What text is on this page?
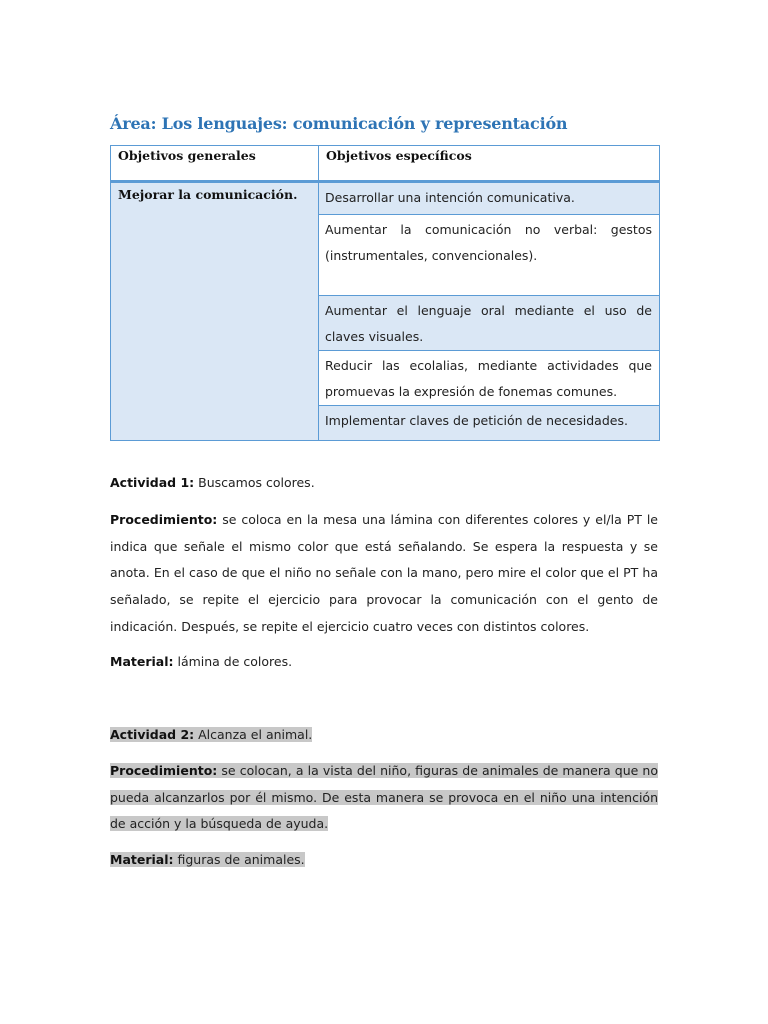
Área: Los lenguajes: comunicación y representación
Objetivos generales	Objetivos específicos

Mejorar la comunicación.	Desarrollar una intención comunicativa.

	Aumentar la comunicación no verbal: gestos (instrumentales, convencionales).

	Aumentar el lenguaje oral mediante el uso de claves visuales.

	Reducir las ecolalias, mediante actividades que promuevas la expresión de fonemas comunes.

	Implementar claves de petición de necesidades.
Actividad 1: Buscamos colores.
Procedimiento: se coloca en la mesa una lámina con diferentes colores y el/la PT le indica que señale el mismo color que está señalando. Se espera la respuesta y se anota. En el caso de que el niño no señale con la mano, pero mire el color que el PT ha señalado, se repite el ejercicio para provocar la comunicación con el gento de indicación. Después, se repite el ejercicio cuatro veces con distintos colores.
Material: lámina de colores.
Actividad 2: Alcanza el animal.
Procedimiento: se colocan, a la vista del niño, figuras de animales de manera que no pueda alcanzarlos por él mismo. De esta manera se provoca en el niño una intención de acción y la búsqueda de ayuda.
Material: figuras de animales.
